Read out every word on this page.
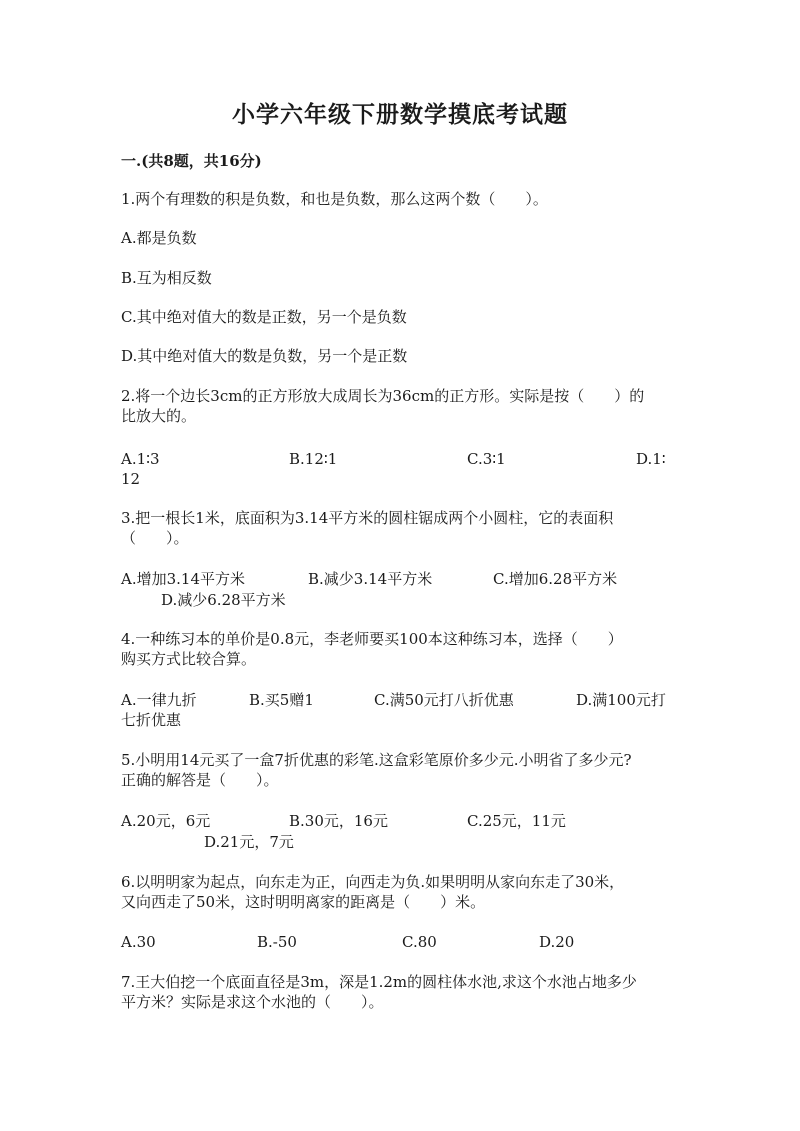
小学六年级下册数学摸底考试题
一.(共8题，共16分)
1.两个有理数的积是负数，和也是负数，那么这两个数（　　）。
A.都是负数
B.互为相反数
C.其中绝对值大的数是正数，另一个是负数
D.其中绝对值大的数是负数，另一个是正数
2.将一个边长3cm的正方形放大成周长为36cm的正方形。实际是按（　　）的
比放大的。
A.1∶3	B.12∶1	C.3∶1	D.1∶
12
3.把一根长1米，底面积为3.14平方米的圆柱锯成两个小圆柱，它的表面积
（　　）。
A.增加3.14平方米	B.减少3.14平方米	C.增加6.28平方米
D.减少6.28平方米
4.一种练习本的单价是0.8元，李老师要买100本这种练习本，选择（　　）
购买方式比较合算。
A.一律九折	B.买5赠1	C.满50元打八折优惠	D.满100元打
七折优惠
5.小明用14元买了一盒7折优惠的彩笔.这盒彩笔原价多少元.小明省了多少元?
正确的解答是（　　）。
A.20元，6元	B.30元，16元	C.25元，11元
D.21元，7元
6.以明明家为起点，向东走为正，向西走为负.如果明明从家向东走了30米，
又向西走了50米，这时明明离家的距离是（　　）米。
A.30	B.-50	C.80	D.20
7.王大伯挖一个底面直径是3m，深是1.2m的圆柱体水池,求这个水池占地多少
平方米？实际是求这个水池的（　　）。
